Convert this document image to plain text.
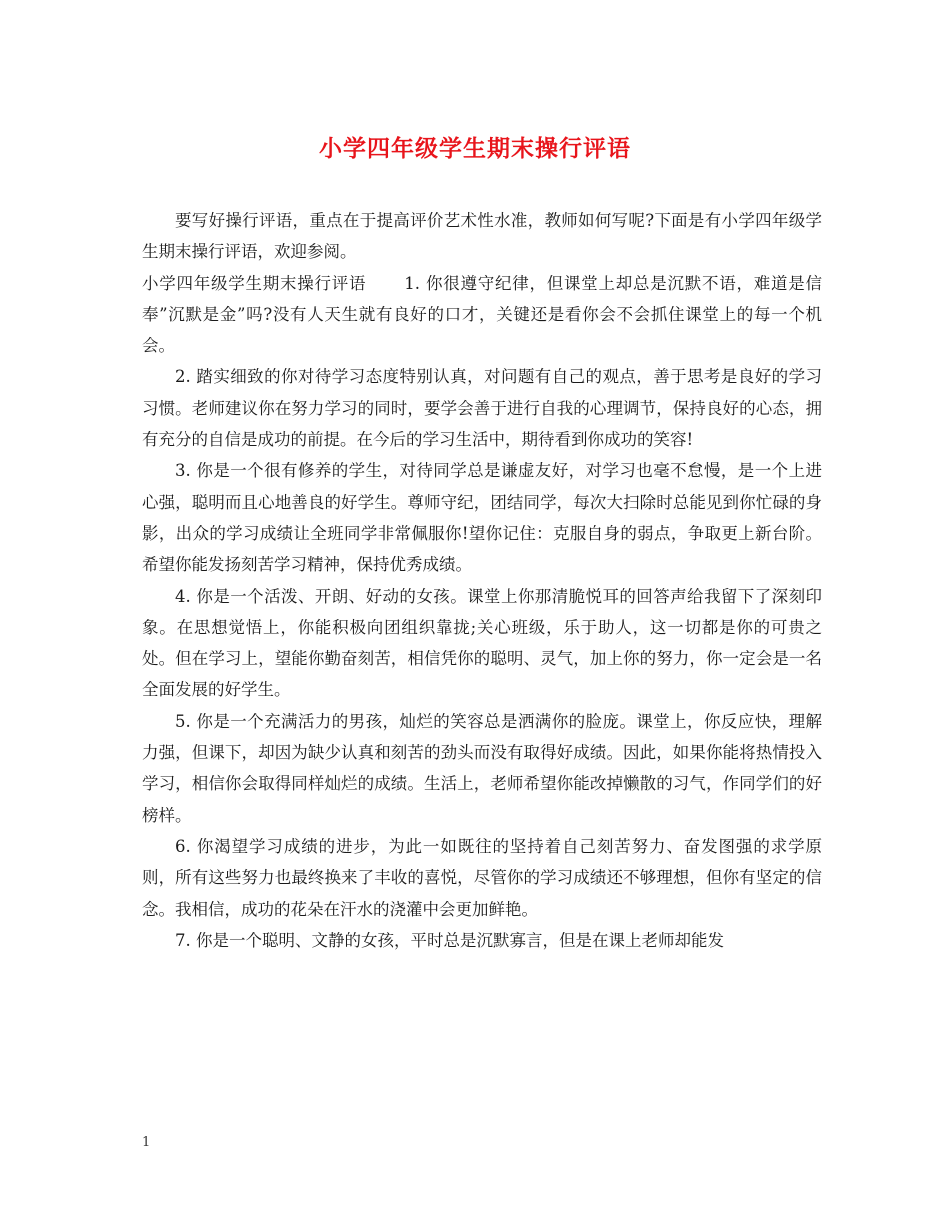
小学四年级学生期末操行评语

要写好操行评语，重点在于提高评价艺术性水准，教师如何写呢?下面是有小学四年级学生期末操行评语，欢迎参阅。

小学四年级学生期末操行评语 1. 你很遵守纪律，但课堂上却总是沉默不语，难道是信奉”沉默是金”吗?没有人天生就有良好的口才，关键还是看你会不会抓住课堂上的每一个机会。

2. 踏实细致的你对待学习态度特别认真，对问题有自己的观点，善于思考是良好的学习习惯。老师建议你在努力学习的同时，要学会善于进行自我的心理调节，保持良好的心态，拥有充分的自信是成功的前提。在今后的学习生活中，期待看到你成功的笑容!

3. 你是一个很有修养的学生，对待同学总是谦虚友好，对学习也毫不怠慢，是一个上进心强，聪明而且心地善良的好学生。尊师守纪，团结同学，每次大扫除时总能见到你忙碌的身影，出众的学习成绩让全班同学非常佩服你!望你记住：克服自身的弱点，争取更上新台阶。希望你能发扬刻苦学习精神，保持优秀成绩。

4. 你是一个活泼、开朗、好动的女孩。课堂上你那清脆悦耳的回答声给我留下了深刻印象。在思想觉悟上，你能积极向团组织靠拢;关心班级，乐于助人，这一切都是你的可贵之处。但在学习上，望能你勤奋刻苦，相信凭你的聪明、灵气，加上你的努力，你一定会是一名全面发展的好学生。

5. 你是一个充满活力的男孩，灿烂的笑容总是洒满你的脸庞。课堂上，你反应快，理解力强，但课下，却因为缺少认真和刻苦的劲头而没有取得好成绩。因此，如果你能将热情投入学习，相信你会取得同样灿烂的成绩。生活上，老师希望你能改掉懒散的习气，作同学们的好榜样。

6. 你渴望学习成绩的进步，为此一如既往的坚持着自己刻苦努力、奋发图强的求学原则，所有这些努力也最终换来了丰收的喜悦，尽管你的学习成绩还不够理想，但你有坚定的信念。我相信，成功的花朵在汗水的浇灌中会更加鲜艳。

7. 你是一个聪明、文静的女孩，平时总是沉默寡言，但是在课上老师却能发

1
